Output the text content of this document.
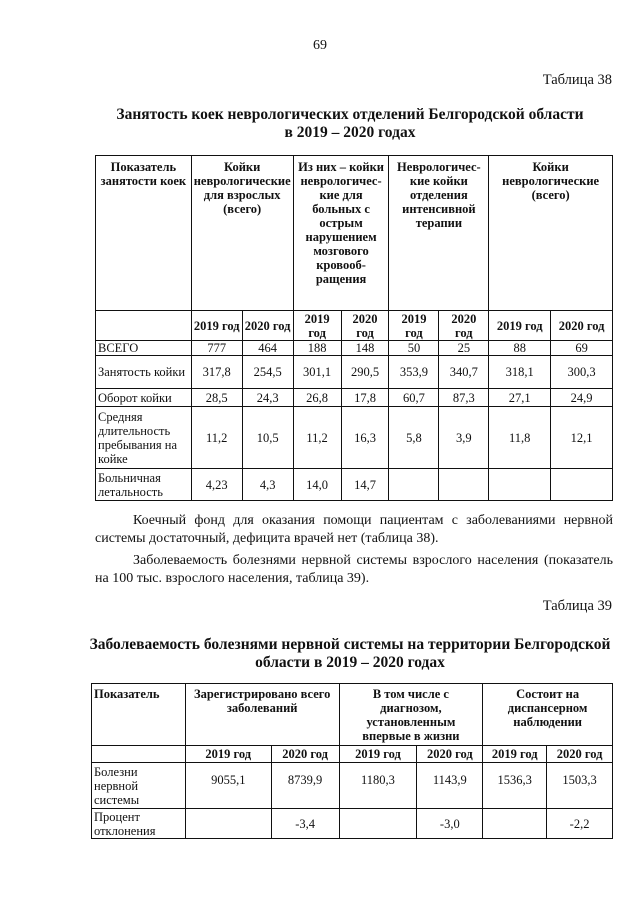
69
Таблица 38
Занятость коек неврологических отделений Белгородской области
в 2019 – 2020 годах
Показатель занятости коек	Койки неврологические для взрослых (всего)		Из них – койки неврологичес-кие для больных с острым нарушением мозгового кровооб-ращения		Неврологичес-кие койки отделения интенсивной терапии		Койки неврологические (всего)	
	2019 год	2020 год	2019 год	2020 год	2019 год	2020 год	2019 год	2020 год
ВСЕГО	777	464	188	148	50	25	88	69
Занятость койки	317,8	254,5	301,1	290,5	353,9	340,7	318,1	300,3
Оборот койки	28,5	24,3	26,8	17,8	60,7	87,3	27,1	24,9
Средняя длительность пребывания на койке	11,2	10,5	11,2	16,3	5,8	3,9	11,8	12,1
Больничная летальность	4,23	4,3	14,0	14,7				

Коечный фонд для оказания помощи пациентам с заболеваниями нервной системы достаточный, дефицита врачей нет (таблица 38).

Заболеваемость болезнями нервной системы взрослого населения (показатель на 100 тыс. взрослого населения, таблица 39).

Таблица 39
Заболеваемость болезнями нервной системы на территории Белгородской
области в 2019 – 2020 годах
Показатель	Зарегистрировано всего заболеваний		В том числе с диагнозом, установленным впервые в жизни		Состоит на диспансерном наблюдении	
	2019 год	2020 год	2019 год	2020 год	2019 год	2020 год
Болезни нервной системы	9055,1	8739,9	1180,3	1143,9	1536,3	1503,3
Процент отклонения		-3,4		-3,0		-2,2
